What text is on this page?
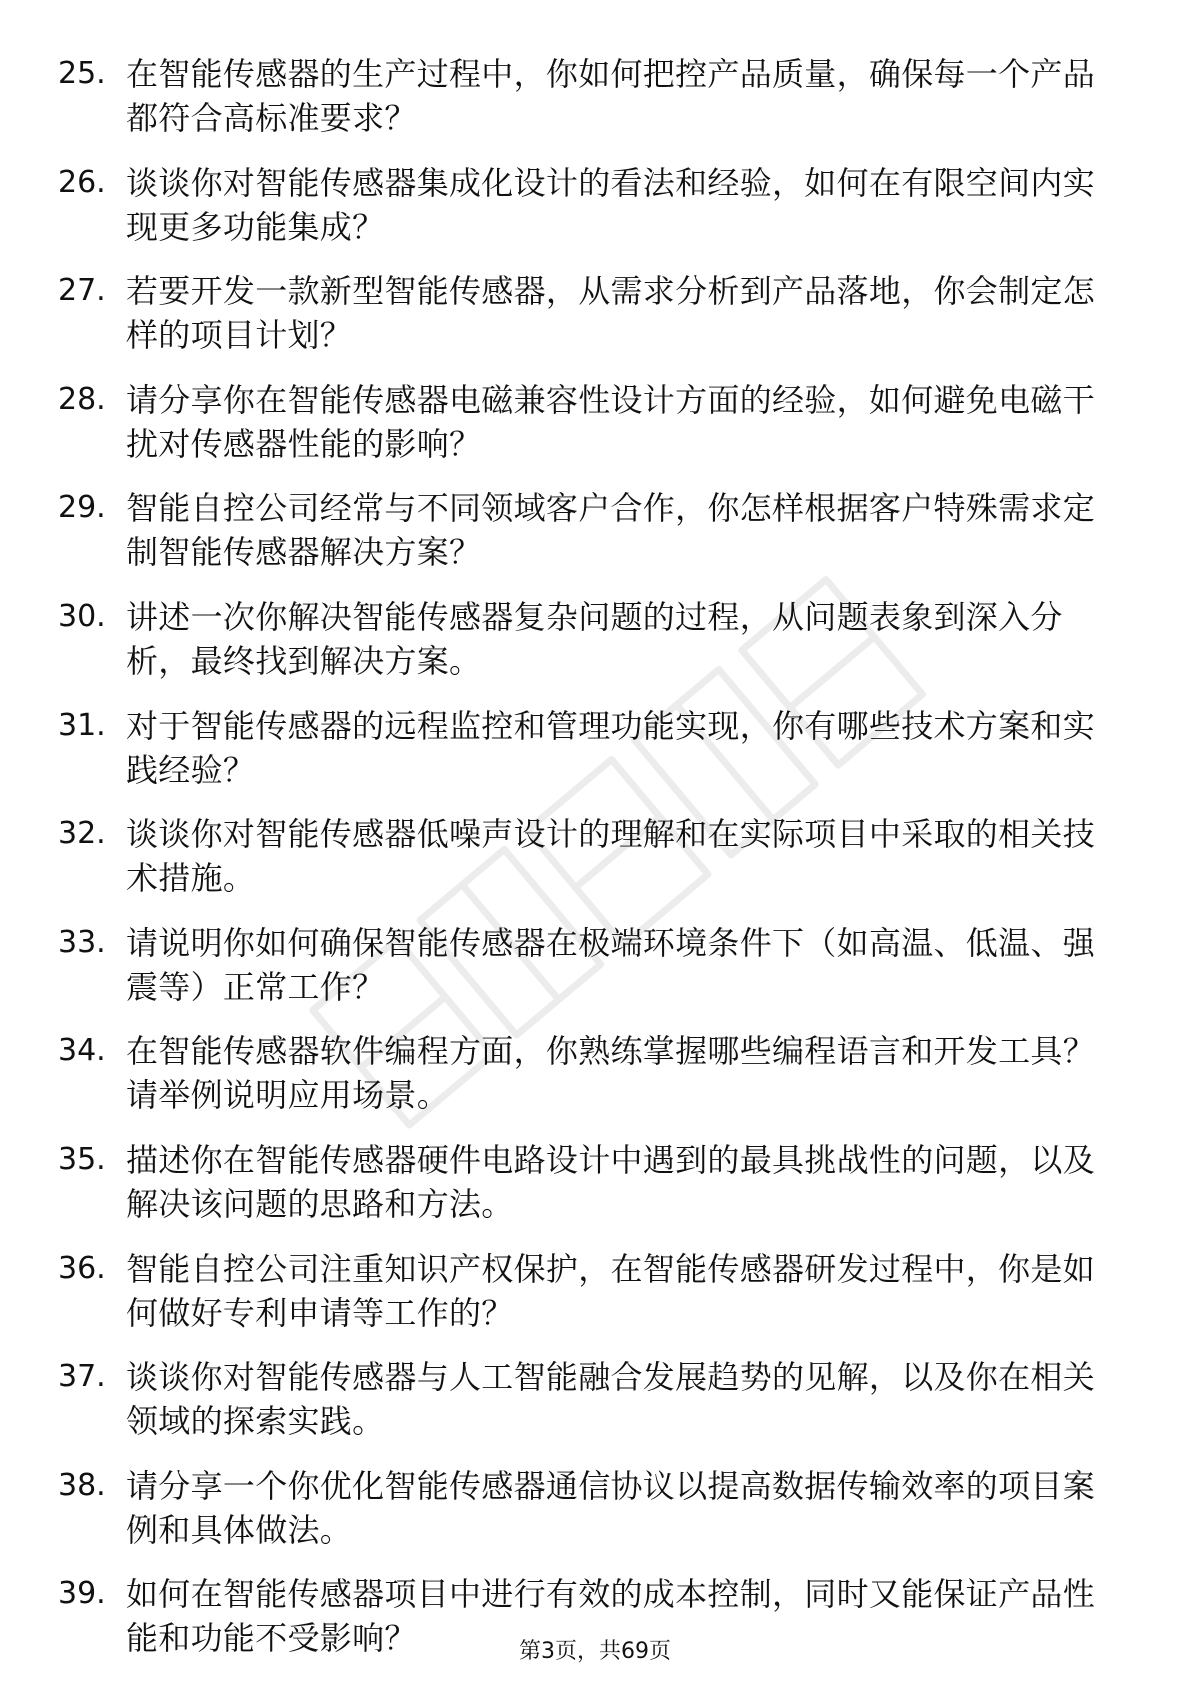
25. 在智能传感器的生产过程中，你如何把控产品质量，确保每一个产品都符合高标准要求？
26. 谈谈你对智能传感器集成化设计的看法和经验，如何在有限空间内实现更多功能集成？
27. 若要开发一款新型智能传感器，从需求分析到产品落地，你会制定怎样的项目计划？
28. 请分享你在智能传感器电磁兼容性设计方面的经验，如何避免电磁干扰对传感器性能的影响？
29. 智能自控公司经常与不同领域客户合作，你怎样根据客户特殊需求定制智能传感器解决方案？
30. 讲述一次你解决智能传感器复杂问题的过程，从问题表象到深入分析，最终找到解决方案。
31. 对于智能传感器的远程监控和管理功能实现，你有哪些技术方案和实践经验？
32. 谈谈你对智能传感器低噪声设计的理解和在实际项目中采取的相关技术措施。
33. 请说明你如何确保智能传感器在极端环境条件下（如高温、低温、强震等）正常工作？
34. 在智能传感器软件编程方面，你熟练掌握哪些编程语言和开发工具？请举例说明应用场景。
35. 描述你在智能传感器硬件电路设计中遇到的最具挑战性的问题，以及解决该问题的思路和方法。
36. 智能自控公司注重知识产权保护，在智能传感器研发过程中，你是如何做好专利申请等工作的？
37. 谈谈你对智能传感器与人工智能融合发展趋势的见解，以及你在相关领域的探索实践。
38. 请分享一个你优化智能传感器通信协议以提高数据传输效率的项目案例和具体做法。
39. 如何在智能传感器项目中进行有效的成本控制，同时又能保证产品性能和功能不受影响？	第3页，共69页
